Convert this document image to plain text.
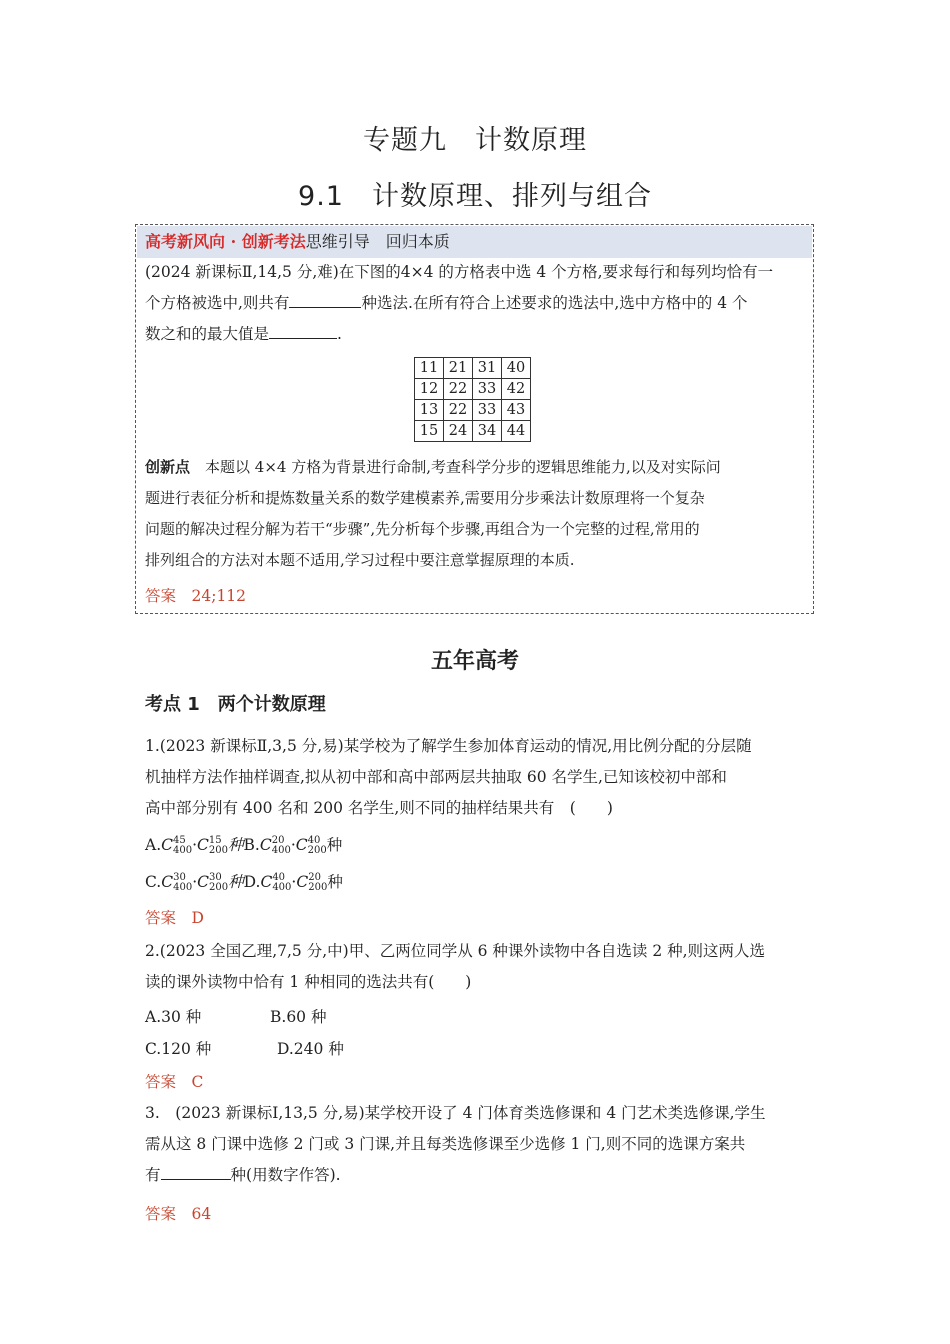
专题九　计数原理
9.1　计数原理、排列与组合
高考新风向 · 创新考法思维引导　回归本质
(2024 新课标Ⅱ,14,5 分,难)在下图的4×4 的方格表中选 4 个方格,要求每行和每列均恰有一
个方格被选中,则共有	种选法.在所有符合上述要求的选法中,选中方格中的 4 个
数之和的最大值是	.
11	21	31	40
12	22	33	42
13	22	33	43
15	24	34	44
创新点　 本题以 4×4 方格为背景进行命制,考查科学分步的逻辑思维能力,以及对实际问
题进行表征分析和提炼数量关系的数学建模素养,需要用分步乘法计数原理将一个复杂
问题的解决过程分解为若干“步骤”,先分析每个步骤,再组合为一个完整的过程,常用的
排列组合的方法对本题不适用,学习过程中要注意掌握原理的本质.
答案　24;112
五年高考
考点 1　两个计数原理
1.(2023 新课标Ⅱ,3,5 分,易)某学校为了解学生参加体育运动的情况,用比例分配的分层随
机抽样方法作抽样调查,拟从初中部和高中部两层共抽取 60 名学生,已知该校初中部和
高中部分别有 400 名和 200 名学生,则不同的抽样结果共有　(　　)
A.C45
400·C15
200种B.C20
400·C40
200种
C.C30
400·C30
200种D.C40
400·C20
200种
答案　D
2.(2023 全国乙理,7,5 分,中)甲、乙两位同学从 6 种课外读物中各自选读 2 种,则这两人选
读的课外读物中恰有 1 种相同的选法共有(　　)
A.30 种	B.60 种
C.120 种	D.240 种
答案　C
3.　(2023 新课标Ⅰ,13,5 分,易)某学校开设了 4 门体育类选修课和 4 门艺术类选修课,学生
需从这 8 门课中选修 2 门或 3 门课,并且每类选修课至少选修 1 门,则不同的选课方案共
有	种(用数字作答).
答案　64
